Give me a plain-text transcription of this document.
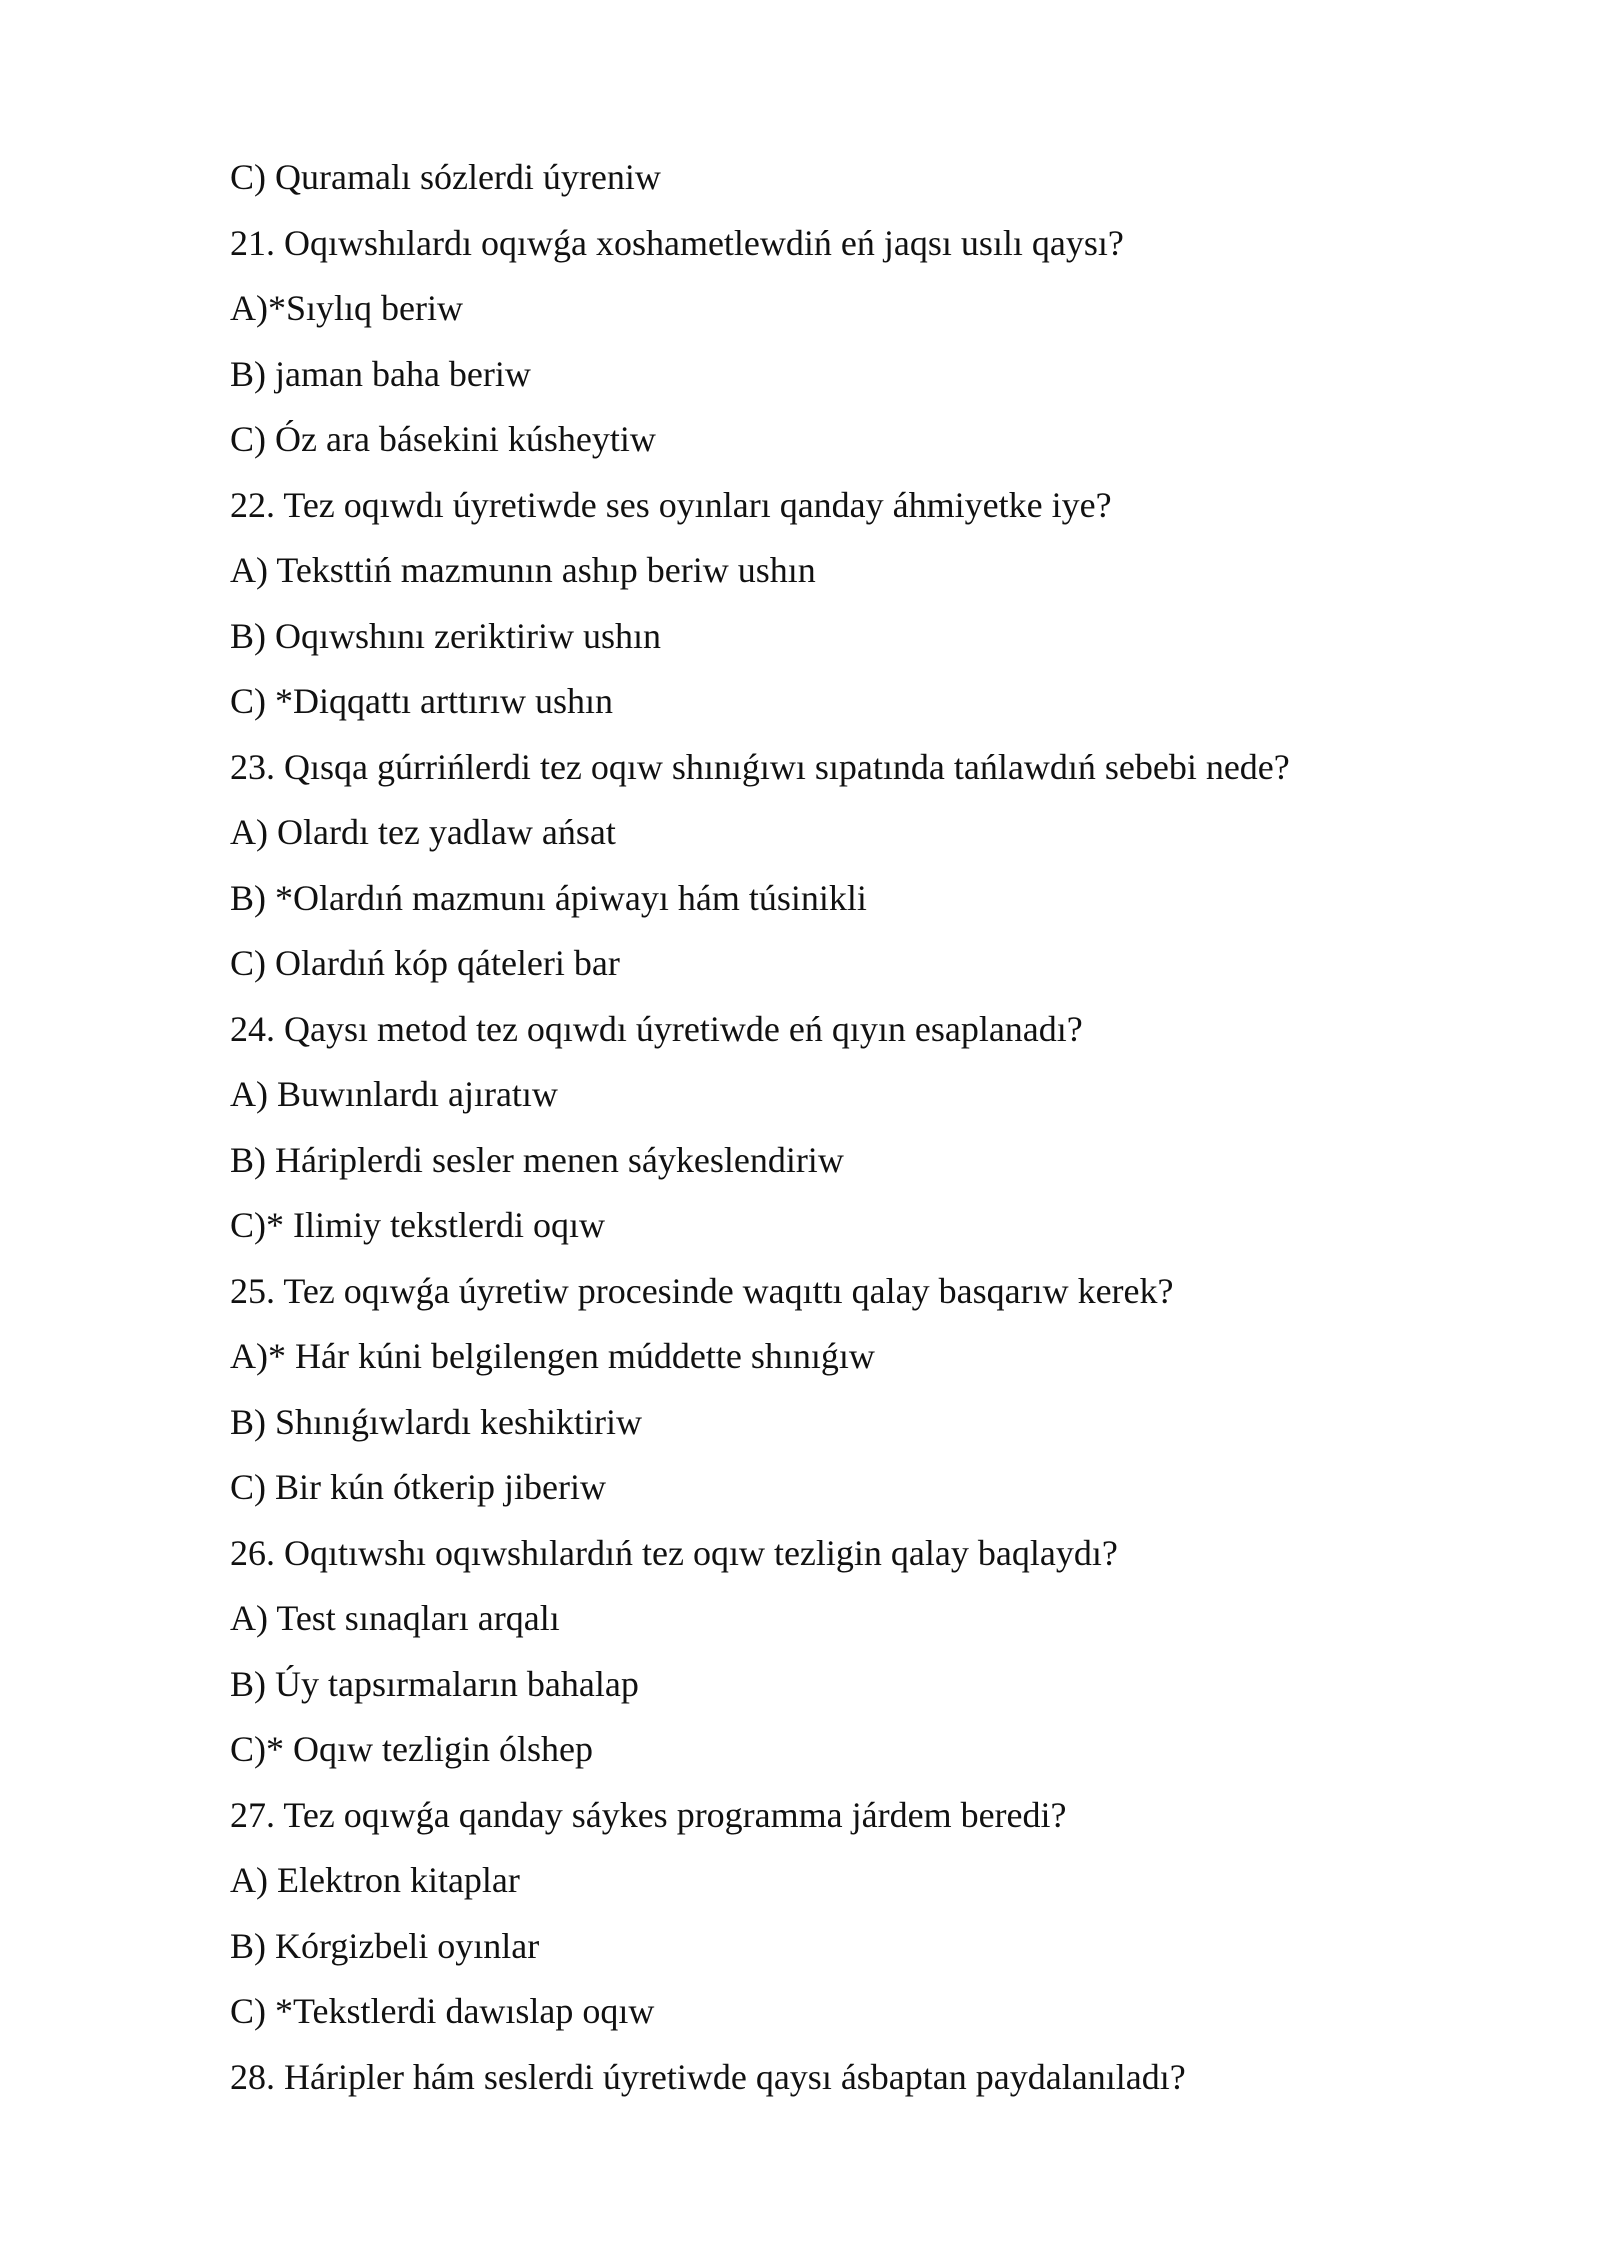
C) Quramalı sózlerdi úyreniw
21. Oqıwshılardı oqıwǵa xoshametlewdiń eń jaqsı usılı qaysı?
A)*Sıylıq beriw
B) jaman baha beriw
C) Óz ara básekini kúsheytiw
22. Tez oqıwdı úyretiwde ses oyınları qanday áhmiyetke iye?
A) Teksttiń mazmunın ashıp beriw ushın
B) Oqıwshını zeriktiriw ushın
C) *Diqqattı arttırıw ushın
23. Qısqa gúrrińlerdi tez oqıw shınıǵıwı sıpatında tańlawdıń sebebi nede?
A) Olardı tez yadlaw ańsat
B) *Olardıń mazmunı ápiwayı hám túsinikli
C) Olardıń kóp qáteleri bar
24. Qaysı metod tez oqıwdı úyretiwde eń qıyın esaplanadı?
A) Buwınlardı ajıratıw
B) Háriplerdi sesler menen sáykeslendiriw
C)* Ilimiy tekstlerdi oqıw
25. Tez oqıwǵa úyretiw procesinde waqıttı qalay basqarıw kerek?
A)* Hár kúni belgilengen múddette shınıǵıw
B) Shınıǵıwlardı keshiktiriw
C) Bir kún ótkerip jiberiw
26. Oqıtıwshı oqıwshılardıń tez oqıw tezligin qalay baqlaydı?
A) Test sınaqları arqalı
B) Úy tapsırmaların bahalap
C)* Oqıw tezligin ólshep
27. Tez oqıwǵa qanday sáykes programma járdem beredi?
A) Elektron kitaplar
B) Kórgizbeli oyınlar
C) *Tekstlerdi dawıslap oqıw
28. Háripler hám seslerdi úyretiwde qaysı ásbaptan paydalanıladı?
